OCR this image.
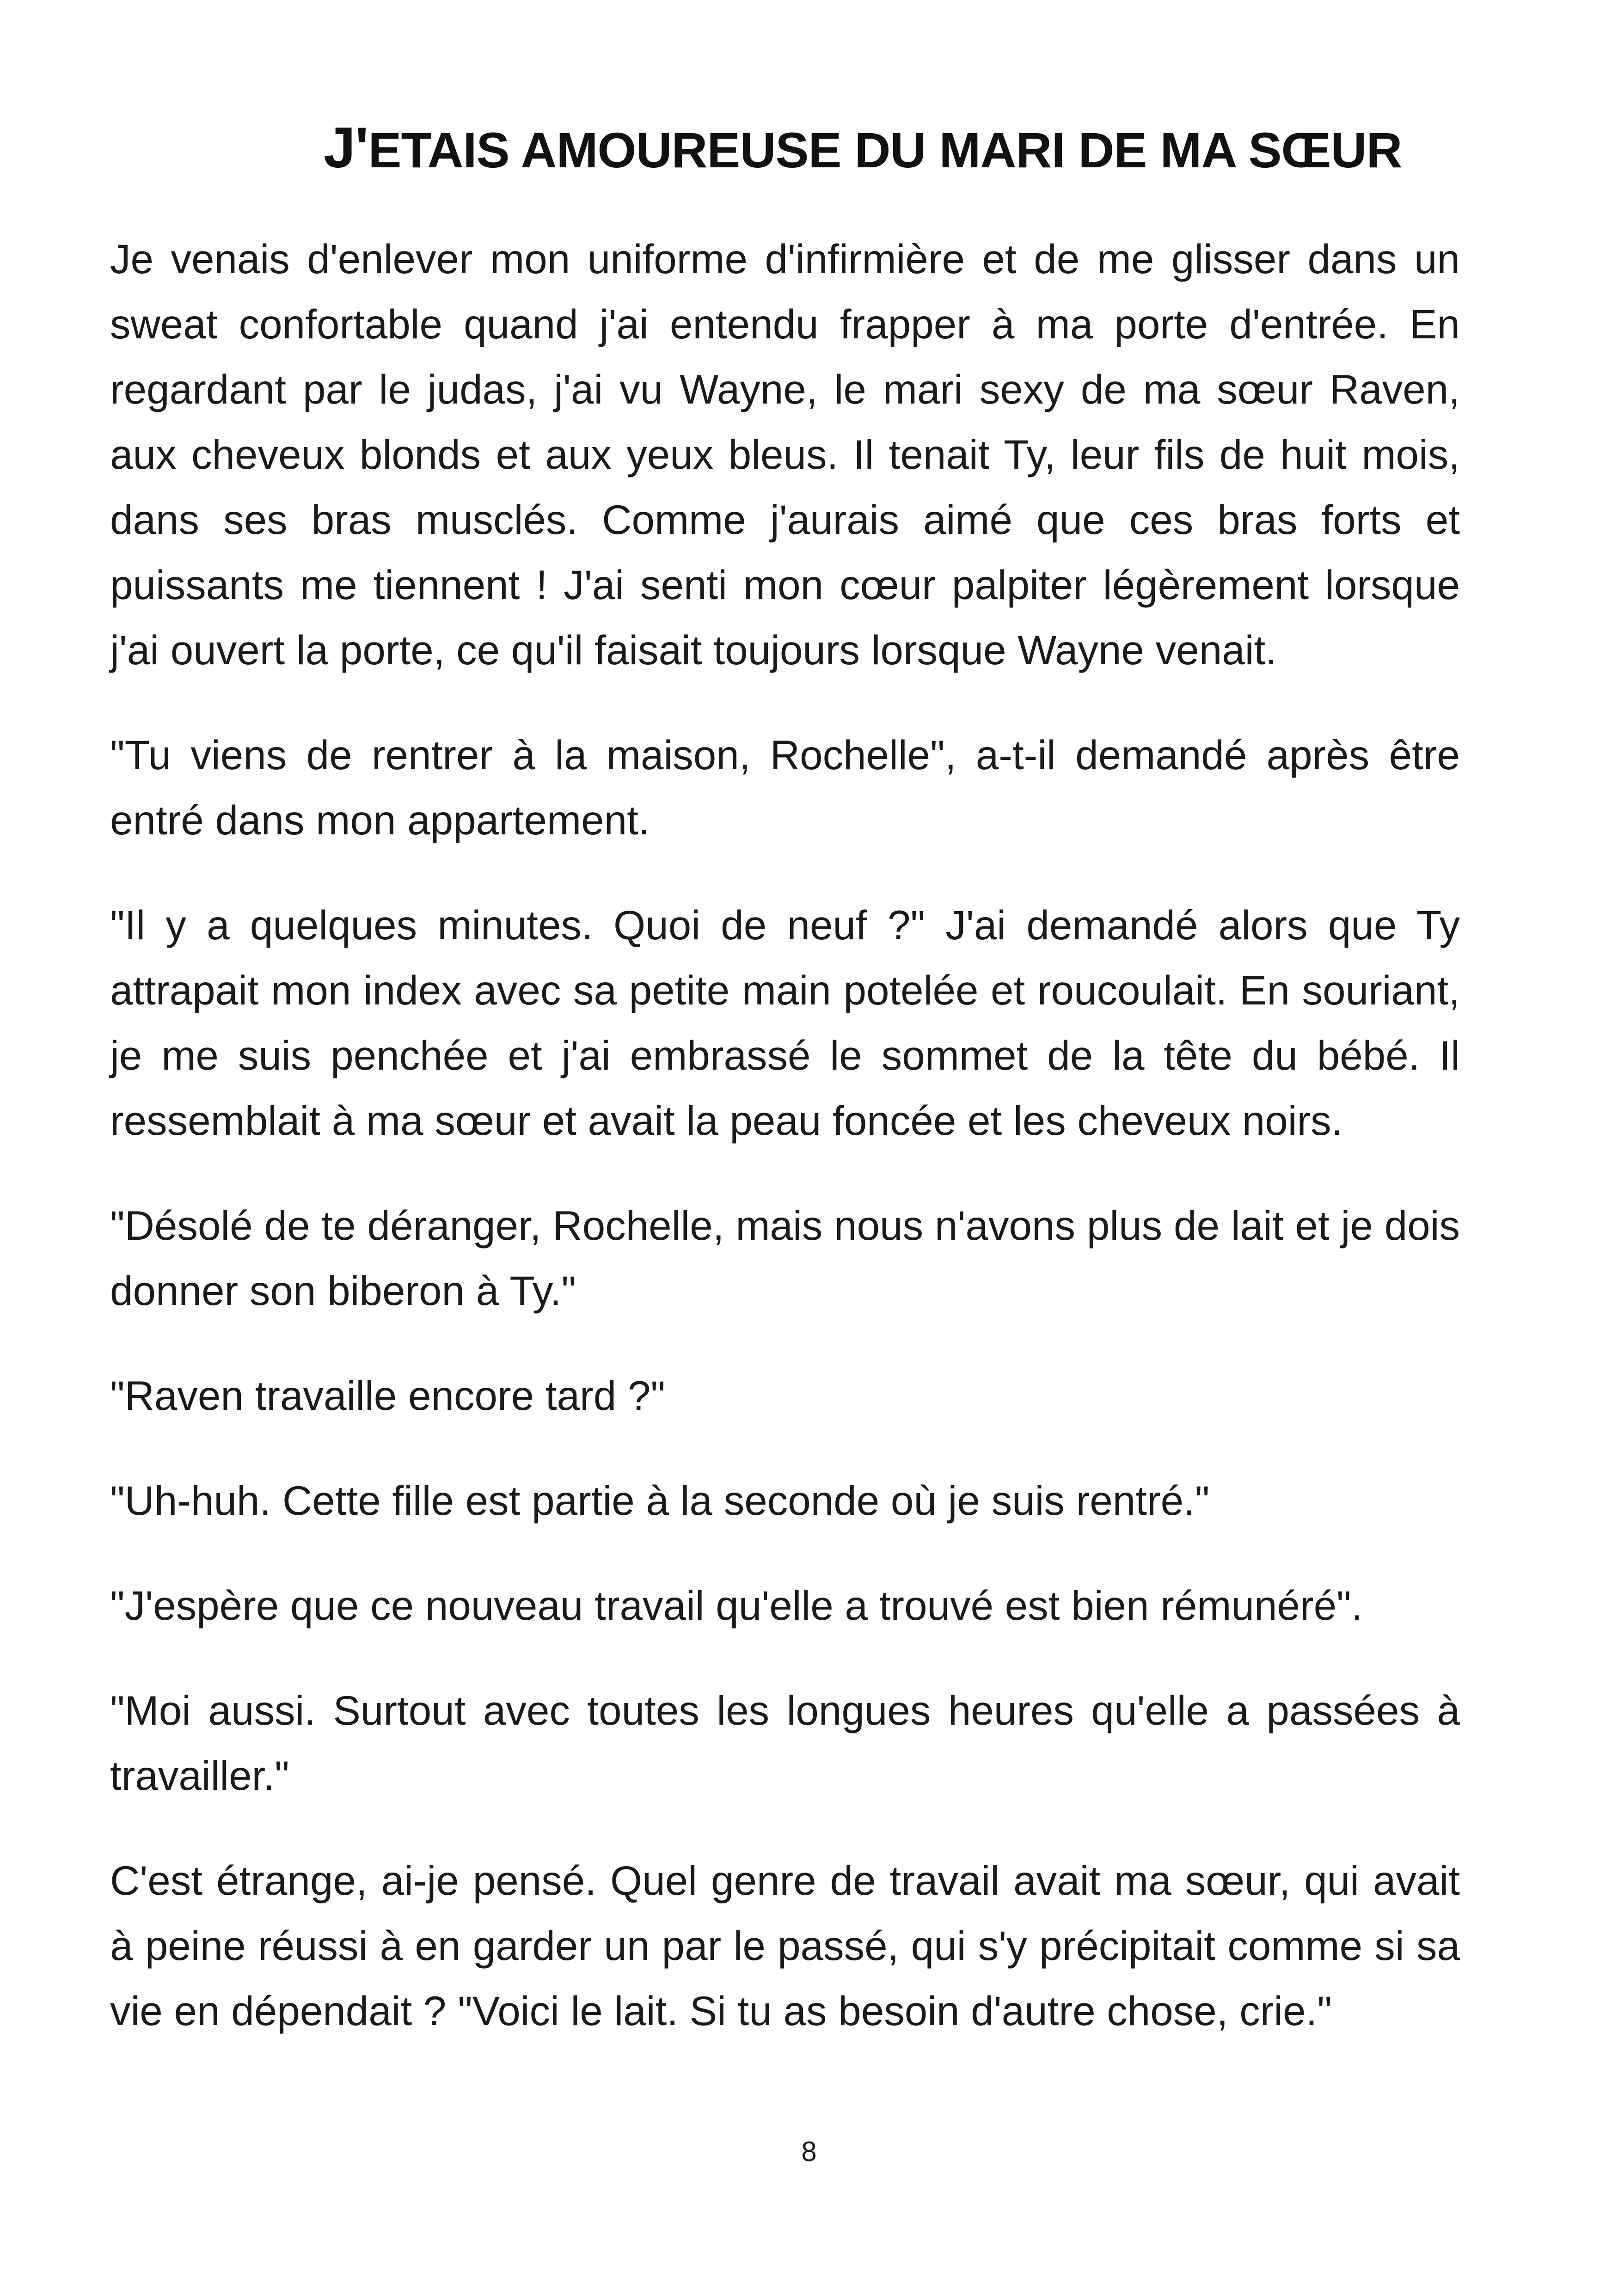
J'ETAIS AMOUREUSE DU MARI DE MA SŒUR

Je venais d'enlever mon uniforme d'infirmière et de me glisser dans un sweat confortable quand j'ai entendu frapper à ma porte d'entrée. En regardant par le judas, j'ai vu Wayne, le mari sexy de ma sœur Raven, aux cheveux blonds et aux yeux bleus. Il tenait Ty, leur fils de huit mois, dans ses bras musclés. Comme j'aurais aimé que ces bras forts et puissants me tiennent ! J'ai senti mon cœur palpiter légèrement lorsque j'ai ouvert la porte, ce qu'il faisait toujours lorsque Wayne venait.

"Tu viens de rentrer à la maison, Rochelle", a-t-il demandé après être entré dans mon appartement.

"Il y a quelques minutes. Quoi de neuf ?" J'ai demandé alors que Ty attrapait mon index avec sa petite main potelée et roucoulait. En souriant, je me suis penchée et j'ai embrassé le sommet de la tête du bébé. Il ressemblait à ma sœur et avait la peau foncée et les cheveux noirs.

"Désolé de te déranger, Rochelle, mais nous n'avons plus de lait et je dois donner son biberon à Ty."

"Raven travaille encore tard ?"

"Uh-huh. Cette fille est partie à la seconde où je suis rentré."

"J'espère que ce nouveau travail qu'elle a trouvé est bien rémunéré".

"Moi aussi. Surtout avec toutes les longues heures qu'elle a passées à travailler."

C'est étrange, ai-je pensé. Quel genre de travail avait ma sœur, qui avait à peine réussi à en garder un par le passé, qui s'y précipitait comme si sa vie en dépendait ? "Voici le lait. Si tu as besoin d'autre chose, crie."

8
